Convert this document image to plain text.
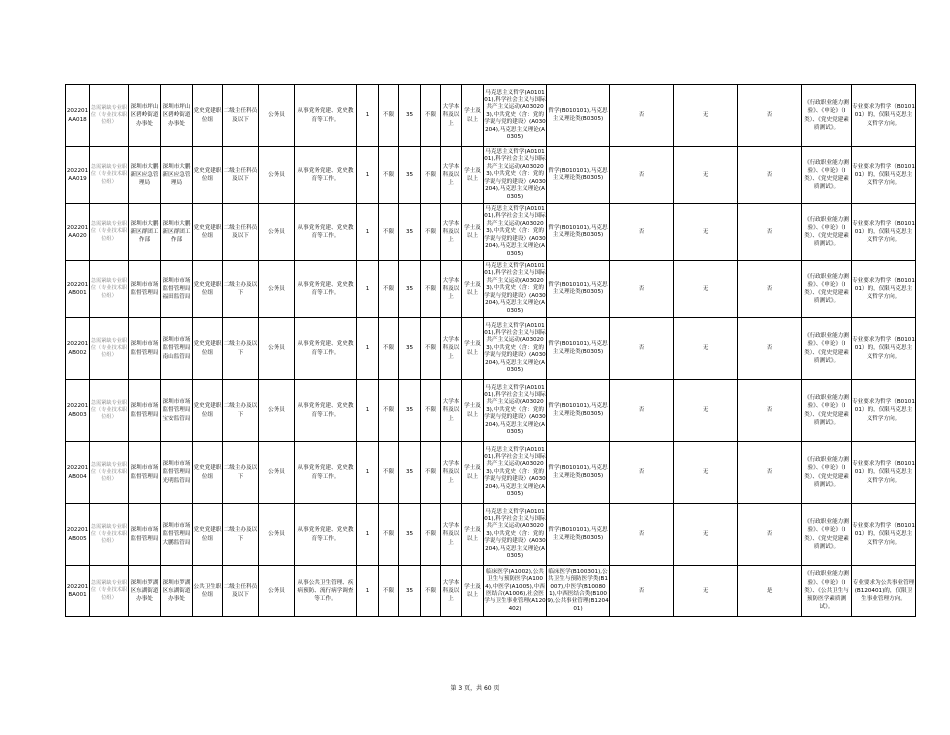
202201AA018	急需紧缺专业职位（专业技术职位组）	深圳市坪山区碧岭街道办事处	深圳市坪山区碧岭街道办事处	党史党建职位组	二级主任科员及以下	公务员	从事党务党建、党史教育等工作。	1	不限	35	不限	大学本科及以上	学士及以上	马克思主义哲学(A010101),科学社会主义与国际共产主义运动(A030203),中共党史（含：党的学说与党的建设）(A030204),马克思主义理论(A0305)	哲学(B010101),马克思主义理论类(B0305)	否	无	否	《行政职业能力测验》、《申论》（Ⅰ类）、《党史党建素质测试》。	专业要求为哲学（B010101）的，仅限马克思主义哲学方向。
202201AA019	急需紧缺专业职位（专业技术职位组）	深圳市大鹏新区应急管理局	深圳市大鹏新区应急管理局	党史党建职位组	二级主任科员及以下	公务员	从事党务党建、党史教育等工作。	1	不限	35	不限	大学本科及以上	学士及以上	马克思主义哲学(A010101),科学社会主义与国际共产主义运动(A030203),中共党史（含：党的学说与党的建设）(A030204),马克思主义理论(A0305)	哲学(B010101),马克思主义理论类(B0305)	否	无	否	《行政职业能力测验》、《申论》（Ⅰ类）、《党史党建素质测试》。	专业要求为哲学（B010101）的，仅限马克思主义哲学方向。
202201AA020	急需紧缺专业职位（专业技术职位组）	深圳市大鹏新区群团工作部	深圳市大鹏新区群团工作部	党史党建职位组	二级主任科员及以下	公务员	从事党务党建、党史教育等工作。	1	不限	35	不限	大学本科及以上	学士及以上	马克思主义哲学(A010101),科学社会主义与国际共产主义运动(A030203),中共党史（含：党的学说与党的建设）(A030204),马克思主义理论(A0305)	哲学(B010101),马克思主义理论类(B0305)	否	无	否	《行政职业能力测验》、《申论》（Ⅰ类）、《党史党建素质测试》。	专业要求为哲学（B010101）的，仅限马克思主义哲学方向。
202201AB001	急需紧缺专业职位（专业技术职位组）	深圳市市场监督管理局	深圳市市场监督管理局福田监管局	党史党建职位组	二级主办及以下	公务员	从事党务党建、党史教育等工作。	1	不限	35	不限	大学本科及以上	学士及以上	马克思主义哲学(A010101),科学社会主义与国际共产主义运动(A030203),中共党史（含：党的学说与党的建设）(A030204),马克思主义理论(A0305)	哲学(B010101),马克思主义理论类(B0305)	否	无	否	《行政职业能力测验》、《申论》（Ⅰ类）、《党史党建素质测试》。	专业要求为哲学（B010101）的，仅限马克思主义哲学方向。
202201AB002	急需紧缺专业职位（专业技术职位组）	深圳市市场监督管理局	深圳市市场监督管理局南山监管局	党史党建职位组	二级主办及以下	公务员	从事党务党建、党史教育等工作。	1	不限	35	不限	大学本科及以上	学士及以上	马克思主义哲学(A010101),科学社会主义与国际共产主义运动(A030203),中共党史（含：党的学说与党的建设）(A030204),马克思主义理论(A0305)	哲学(B010101),马克思主义理论类(B0305)	否	无	否	《行政职业能力测验》、《申论》（Ⅰ类）、《党史党建素质测试》。	专业要求为哲学（B010101）的，仅限马克思主义哲学方向。
202201AB003	急需紧缺专业职位（专业技术职位组）	深圳市市场监督管理局	深圳市市场监督管理局宝安监管局	党史党建职位组	二级主办及以下	公务员	从事党务党建、党史教育等工作。	1	不限	35	不限	大学本科及以上	学士及以上	马克思主义哲学(A010101),科学社会主义与国际共产主义运动(A030203),中共党史（含：党的学说与党的建设）(A030204),马克思主义理论(A0305)	哲学(B010101),马克思主义理论类(B0305)	否	无	否	《行政职业能力测验》、《申论》（Ⅰ类）、《党史党建素质测试》。	专业要求为哲学（B010101）的，仅限马克思主义哲学方向。
202201AB004	急需紧缺专业职位（专业技术职位组）	深圳市市场监督管理局	深圳市市场监督管理局光明监管局	党史党建职位组	二级主办及以下	公务员	从事党务党建、党史教育等工作。	1	不限	35	不限	大学本科及以上	学士及以上	马克思主义哲学(A010101),科学社会主义与国际共产主义运动(A030203),中共党史（含：党的学说与党的建设）(A030204),马克思主义理论(A0305)	哲学(B010101),马克思主义理论类(B0305)	否	无	否	《行政职业能力测验》、《申论》（Ⅰ类）、《党史党建素质测试》。	专业要求为哲学（B010101）的，仅限马克思主义哲学方向。
202201AB005	急需紧缺专业职位（专业技术职位组）	深圳市市场监督管理局	深圳市市场监督管理局大鹏监管局	党史党建职位组	二级主办及以下	公务员	从事党务党建、党史教育等工作。	1	不限	35	不限	大学本科及以上	学士及以上	马克思主义哲学(A010101),科学社会主义与国际共产主义运动(A030203),中共党史（含：党的学说与党的建设）(A030204),马克思主义理论(A0305)	哲学(B010101),马克思主义理论类(B0305)	否	无	否	《行政职业能力测验》、《申论》（Ⅰ类）、《党史党建素质测试》。	专业要求为哲学（B010101）的，仅限马克思主义哲学方向。
202201BA001	急需紧缺专业职位（专业技术职位组）	深圳市罗湖区东湖街道办事处	深圳市罗湖区东湖街道办事处	公共卫生职位组	二级主任科员及以下	公务员	从事公共卫生管理、疾病预防、流行病学调查等工作。	1	不限	35	不限	大学本科及以上	学士及以上	临床医学(A1002),公共卫生与预防医学(A1004),中医学(A1005),中西医结合(A1006),社会医学与卫生事业管理(A120402)	临床医学(B100301),公共卫生与预防医学类(B1007),中医学(B100801),中西医结合类(B1009),公共事业管理(B120401)	否	无	是	《行政职业能力测验》、《申论》（Ⅰ类）、《公共卫生与预防医学素质测试》。	专业要求为公共事业管理(B120401)的，仅限卫生事业管理方向。
第 3 页，共 60 页
